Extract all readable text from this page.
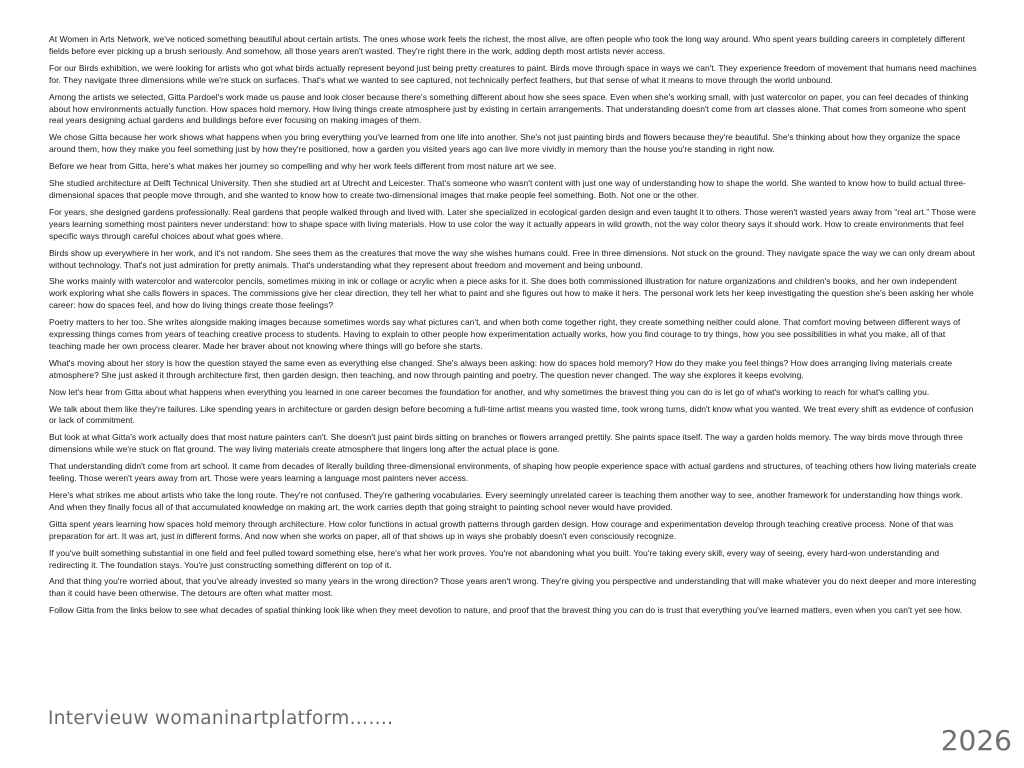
At Women in Arts Network, we've noticed something beautiful about certain artists. The ones whose work feels the richest, the most alive, are often people who took the long way around. Who spent years building careers in completely different fields before ever picking up a brush seriously. And somehow, all those years aren't wasted. They're right there in the work, adding depth most artists never access.

For our Birds exhibition, we were looking for artists who got what birds actually represent beyond just being pretty creatures to paint. Birds move through space in ways we can't. They experience freedom of movement that humans need machines for. They navigate three dimensions while we're stuck on surfaces. That's what we wanted to see captured, not technically perfect feathers, but that sense of what it means to move through the world unbound.

Among the artists we selected, Gitta Pardoel's work made us pause and look closer because there's something different about how she sees space. Even when she's working small, with just watercolor on paper, you can feel decades of thinking about how environments actually function. How spaces hold memory. How living things create atmosphere just by existing in certain arrangements. That understanding doesn't come from art classes alone. That comes from someone who spent real years designing actual gardens and buildings before ever focusing on making images of them.

We chose Gitta because her work shows what happens when you bring everything you've learned from one life into another. She's not just painting birds and flowers because they're beautiful. She's thinking about how they organize the space around them, how they make you feel something just by how they're positioned, how a garden you visited years ago can live more vividly in memory than the house you're standing in right now.

Before we hear from Gitta, here's what makes her journey so compelling and why her work feels different from most nature art we see.

She studied architecture at Delft Technical University. Then she studied art at Utrecht and Leicester. That's someone who wasn't content with just one way of understanding how to shape the world. She wanted to know how to build actual three-dimensional spaces that people move through, and she wanted to know how to create two-dimensional images that make people feel something. Both. Not one or the other.

For years, she designed gardens professionally. Real gardens that people walked through and lived with. Later she specialized in ecological garden design and even taught it to others. Those weren't wasted years away from “real art.” Those were years learning something most painters never understand: how to shape space with living materials. How to use color the way it actually appears in wild growth, not the way color theory says it should work. How to create environments that feel specific ways through careful choices about what goes where.

Birds show up everywhere in her work, and it's not random. She sees them as the creatures that move the way she wishes humans could. Free in three dimensions. Not stuck on the ground. They navigate space the way we can only dream about without technology. That's not just admiration for pretty animals. That's understanding what they represent about freedom and movement and being unbound.

She works mainly with watercolor and watercolor pencils, sometimes mixing in ink or collage or acrylic when a piece asks for it. She does both commissioned illustration for nature organizations and children's books, and her own independent work exploring what she calls flowers in spaces. The commissions give her clear direction, they tell her what to paint and she figures out how to make it hers. The personal work lets her keep investigating the question she's been asking her whole career: how do spaces feel, and how do living things create those feelings?

Poetry matters to her too. She writes alongside making images because sometimes words say what pictures can't, and when both come together right, they create something neither could alone. That comfort moving between different ways of expressing things comes from years of teaching creative process to students. Having to explain to other people how experimentation actually works, how you find courage to try things, how you see possibilities in what you make, all of that teaching made her own process clearer. Made her braver about not knowing where things will go before she starts.

What's moving about her story is how the question stayed the same even as everything else changed. She's always been asking: how do spaces hold memory? How do they make you feel things? How does arranging living materials create atmosphere? She just asked it through architecture first, then garden design, then teaching, and now through painting and poetry. The question never changed. The way she explores it keeps evolving.

Now let's hear from Gitta about what happens when everything you learned in one career becomes the foundation for another, and why sometimes the bravest thing you can do is let go of what's working to reach for what's calling you.

We talk about them like they're failures. Like spending years in architecture or garden design before becoming a full-time artist means you wasted time, took wrong turns, didn't know what you wanted. We treat every shift as evidence of confusion or lack of commitment.

But look at what Gitta's work actually does that most nature painters can't. She doesn't just paint birds sitting on branches or flowers arranged prettily. She paints space itself. The way a garden holds memory. The way birds move through three dimensions while we're stuck on flat ground. The way living materials create atmosphere that lingers long after the actual place is gone.

That understanding didn't come from art school. It came from decades of literally building three-dimensional environments, of shaping how people experience space with actual gardens and structures, of teaching others how living materials create feeling. Those weren't years away from art. Those were years learning a language most painters never access.

Here's what strikes me about artists who take the long route. They're not confused. They're gathering vocabularies. Every seemingly unrelated career is teaching them another way to see, another framework for understanding how things work. And when they finally focus all of that accumulated knowledge on making art, the work carries depth that going straight to painting school never would have provided.

Gitta spent years learning how spaces hold memory through architecture. How color functions in actual growth patterns through garden design. How courage and experimentation develop through teaching creative process. None of that was preparation for art. It was art, just in different forms. And now when she works on paper, all of that shows up in ways she probably doesn't even consciously recognize.

If you've built something substantial in one field and feel pulled toward something else, here's what her work proves. You're not abandoning what you built. You're taking every skill, every way of seeing, every hard-won understanding and redirecting it. The foundation stays. You're just constructing something different on top of it.

And that thing you're worried about, that you've already invested so many years in the wrong direction? Those years aren't wrong. They're giving you perspective and understanding that will make whatever you do next deeper and more interesting than it could have been otherwise. The detours are often what matter most.

Follow Gitta from the links below to see what decades of spatial thinking look like when they meet devotion to nature, and proof that the bravest thing you can do is trust that everything you've learned matters, even when you can't yet see how.

Intervieuw womaninartplatform…….
2026
